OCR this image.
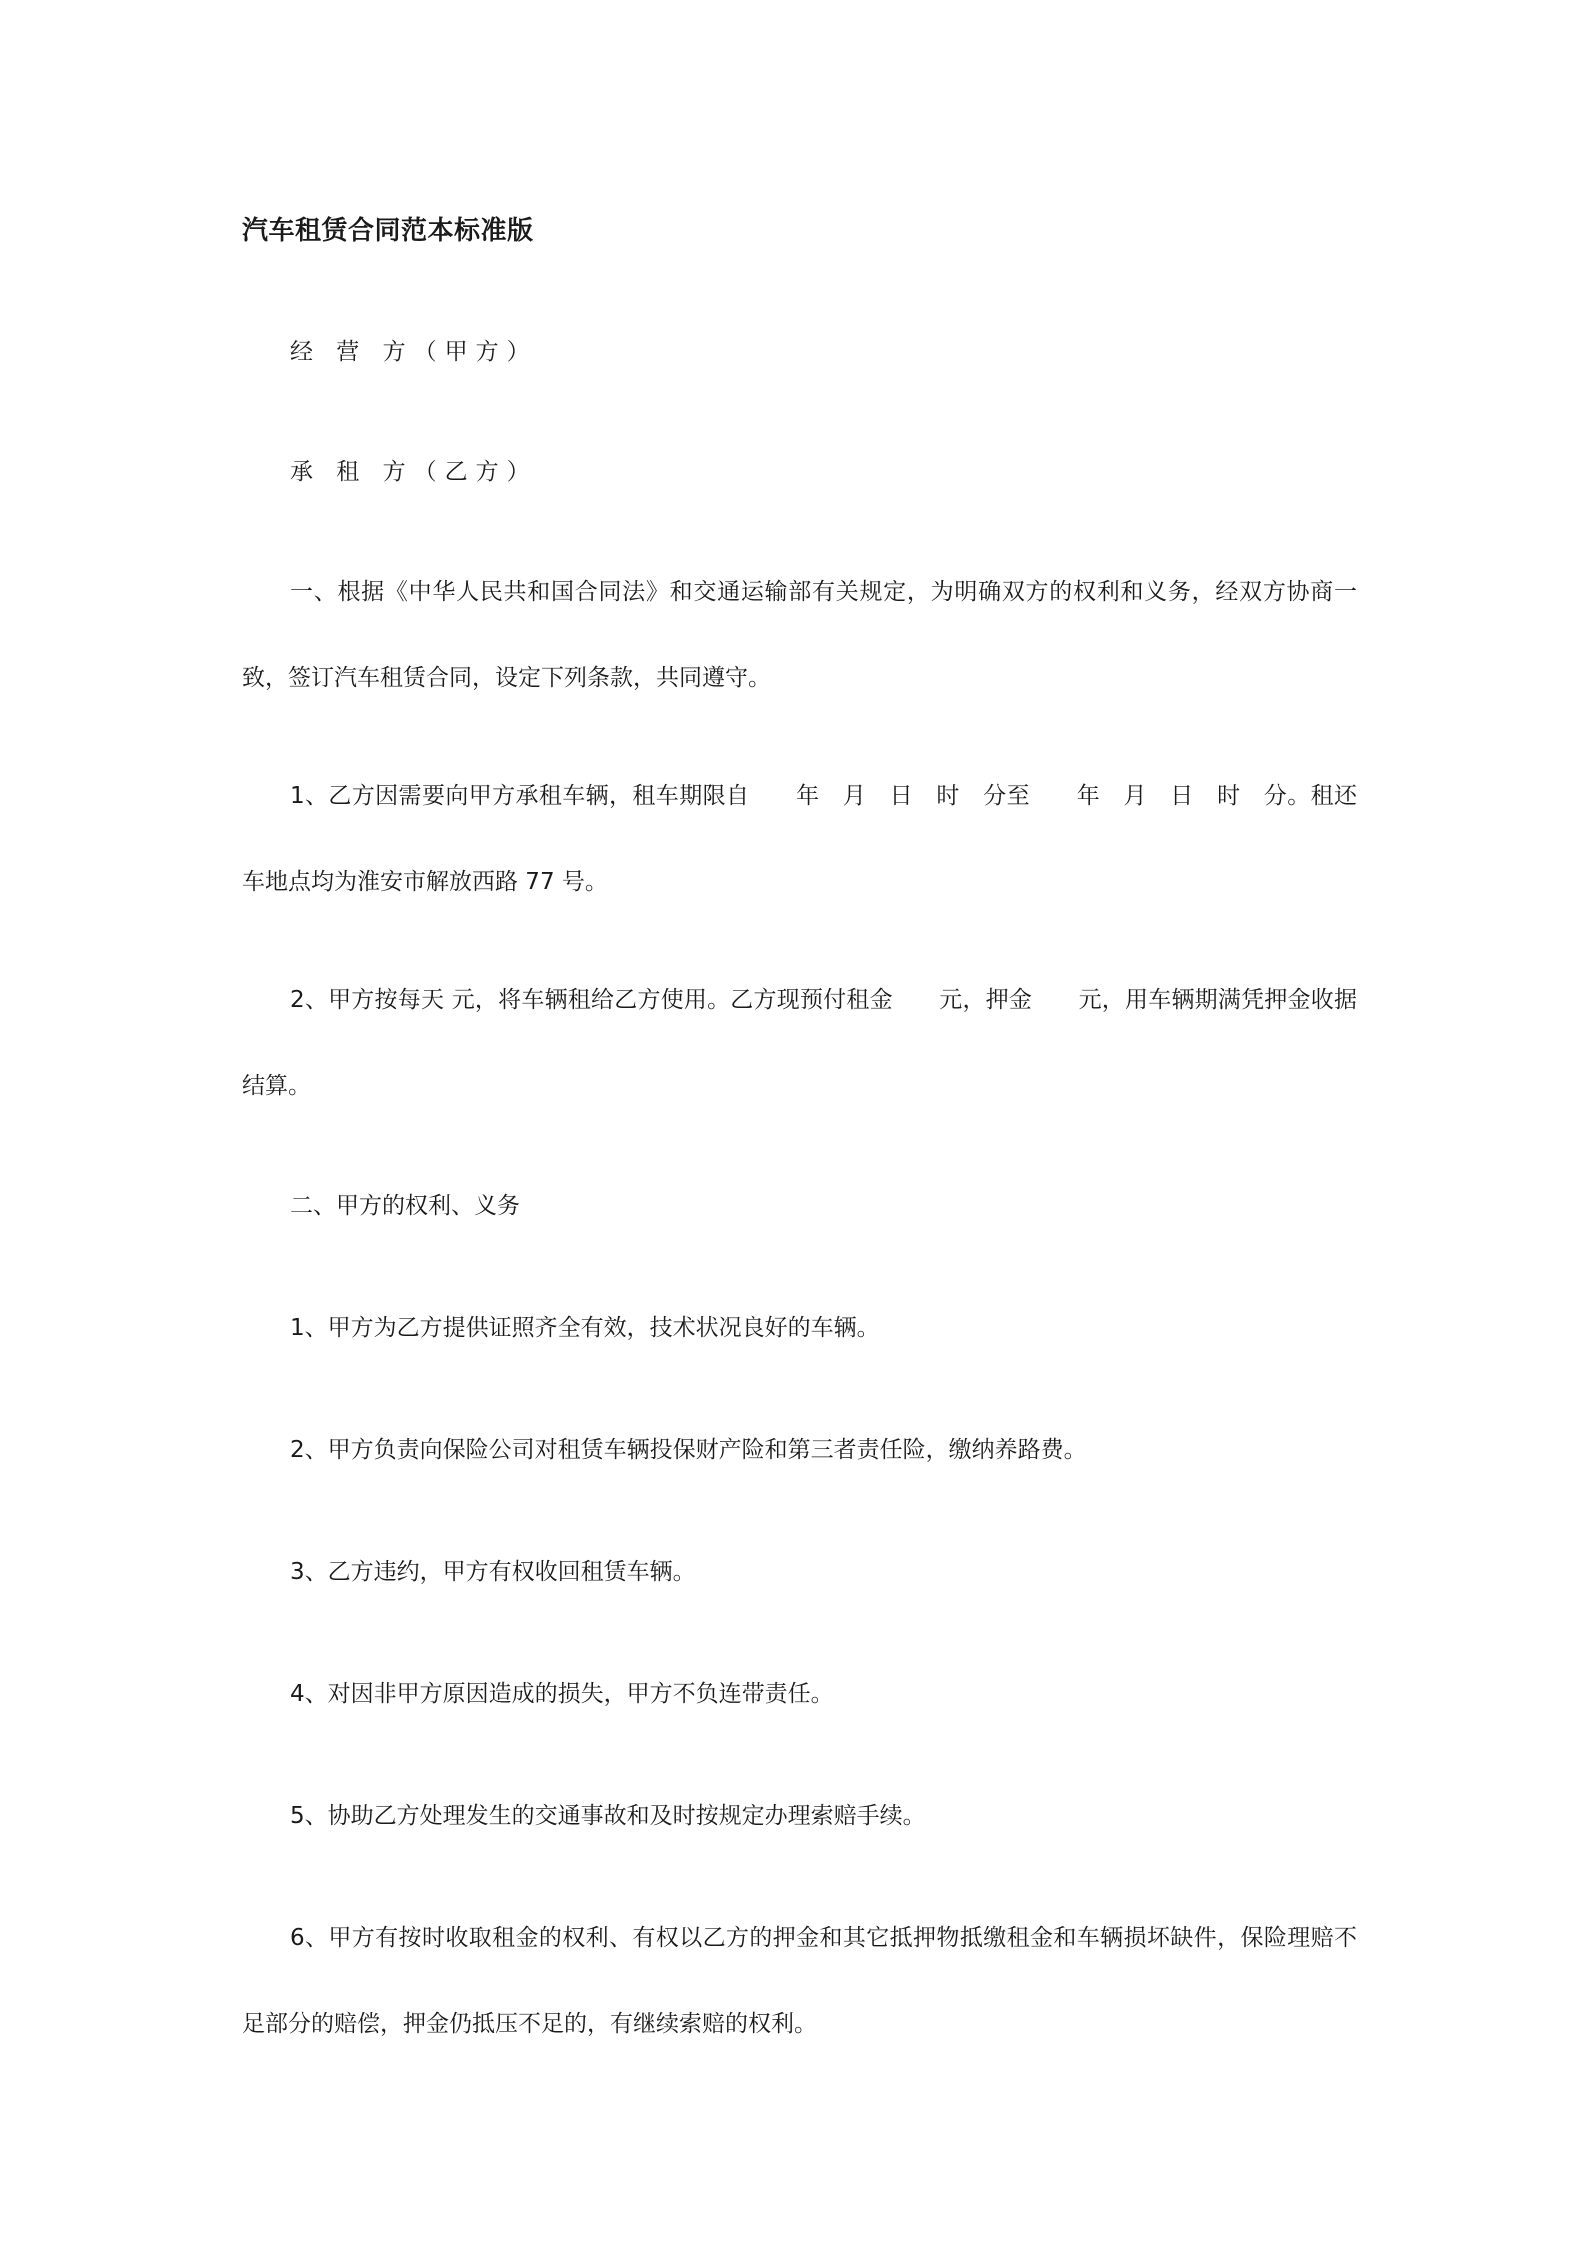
汽车租赁合同范本标准版
经 营 方（甲方）
承 租 方（乙方）
一、根据《中华人民共和国合同法》和交通运输部有关规定，为明确双方的权利和义务，经双方协商一致，签订汽车租赁合同，设定下列条款，共同遵守。
1、乙方因需要向甲方承租车辆，租车期限自　　年　月　日　时　分至　　年　月　日　时　分。租还车地点均为淮安市解放西路 77 号。
2、甲方按每天 元，将车辆租给乙方使用。乙方现预付租金　　元，押金　　元，用车辆期满凭押金收据结算。
二、甲方的权利、义务
1、甲方为乙方提供证照齐全有效，技术状况良好的车辆。
2、甲方负责向保险公司对租赁车辆投保财产险和第三者责任险，缴纳养路费。
3、乙方违约，甲方有权收回租赁车辆。
4、对因非甲方原因造成的损失，甲方不负连带责任。
5、协助乙方处理发生的交通事故和及时按规定办理索赔手续。
6、甲方有按时收取租金的权利、有权以乙方的押金和其它抵押物抵缴租金和车辆损坏缺件，保险理赔不足部分的赔偿，押金仍抵压不足的，有继续索赔的权利。
